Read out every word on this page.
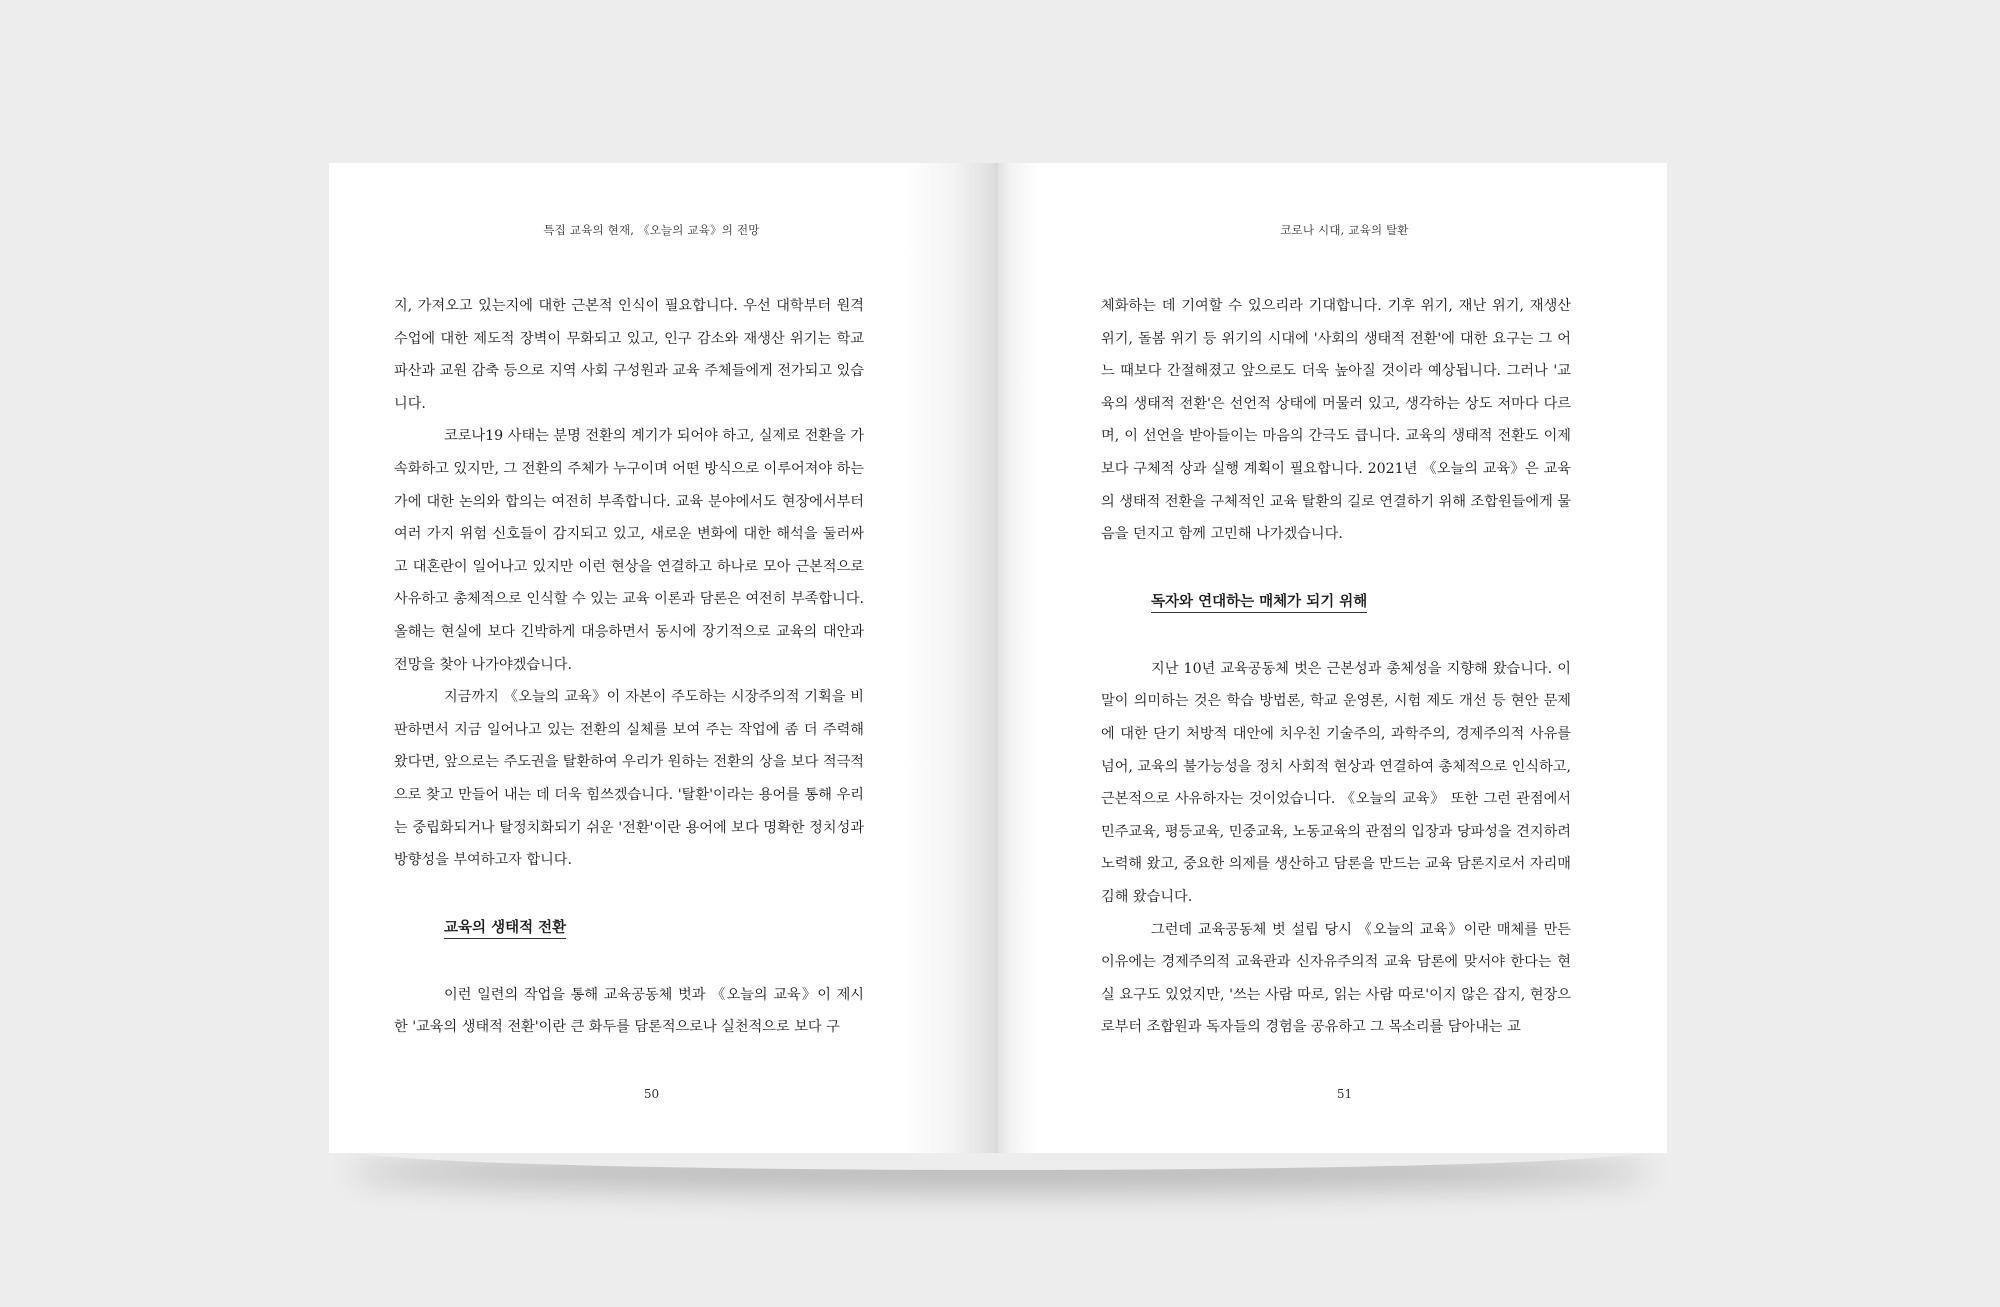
특집 교육의 현재, 《오늘의 교육》의 전망

지, 가져오고 있는지에 대한 근본적 인식이 필요합니다. 우선 대학부터 원격 수업에 대한 제도적 장벽이 무화되고 있고, 인구 감소와 재생산 위기는 학교 파산과 교원 감축 등으로 지역 사회 구성원과 교육 주체들에게 전가되고 있습니다.

코로나19 사태는 분명 전환의 계기가 되어야 하고, 실제로 전환을 가속화하고 있지만, 그 전환의 주체가 누구이며 어떤 방식으로 이루어져야 하는가에 대한 논의와 합의는 여전히 부족합니다. 교육 분야에서도 현장에서부터 여러 가지 위험 신호들이 감지되고 있고, 새로운 변화에 대한 해석을 둘러싸고 대혼란이 일어나고 있지만 이런 현상을 연결하고 하나로 모아 근본적으로 사유하고 총체적으로 인식할 수 있는 교육 이론과 담론은 여전히 부족합니다. 올해는 현실에 보다 긴박하게 대응하면서 동시에 장기적으로 교육의 대안과 전망을 찾아 나가야겠습니다.

지금까지 《오늘의 교육》이 자본이 주도하는 시장주의적 기획을 비판하면서 지금 일어나고 있는 전환의 실체를 보여 주는 작업에 좀 더 주력해 왔다면, 앞으로는 주도권을 탈환하여 우리가 원하는 전환의 상을 보다 적극적으로 찾고 만들어 내는 데 더욱 힘쓰겠습니다. '탈환'이라는 용어를 통해 우리는 중립화되거나 탈정치화되기 쉬운 '전환'이란 용어에 보다 명확한 정치성과 방향성을 부여하고자 합니다.

교육의 생태적 전환

이런 일련의 작업을 통해 교육공동체 벗과 《오늘의 교육》이 제시한 '교육의 생태적 전환'이란 큰 화두를 담론적으로나 실천적으로 보다 구

50
코로나 시대, 교육의 탈환

체화하는 데 기여할 수 있으리라 기대합니다. 기후 위기, 재난 위기, 재생산 위기, 돌봄 위기 등 위기의 시대에 '사회의 생태적 전환'에 대한 요구는 그 어느 때보다 간절해졌고 앞으로도 더욱 높아질 것이라 예상됩니다. 그러나 '교육의 생태적 전환'은 선언적 상태에 머물러 있고, 생각하는 상도 저마다 다르며, 이 선언을 받아들이는 마음의 간극도 큽니다. 교육의 생태적 전환도 이제 보다 구체적 상과 실행 계획이 필요합니다. 2021년 《오늘의 교육》은 교육의 생태적 전환을 구체적인 교육 탈환의 길로 연결하기 위해 조합원들에게 물음을 던지고 함께 고민해 나가겠습니다.

독자와 연대하는 매체가 되기 위해

지난 10년 교육공동체 벗은 근본성과 총체성을 지향해 왔습니다. 이 말이 의미하는 것은 학습 방법론, 학교 운영론, 시험 제도 개선 등 현안 문제에 대한 단기 처방적 대안에 치우친 기술주의, 과학주의, 경제주의적 사유를 넘어, 교육의 불가능성을 정치 사회적 현상과 연결하여 총체적으로 인식하고, 근본적으로 사유하자는 것이었습니다. 《오늘의 교육》 또한 그런 관점에서 민주교육, 평등교육, 민중교육, 노동교육의 관점의 입장과 당파성을 견지하려 노력해 왔고, 중요한 의제를 생산하고 담론을 만드는 교육 담론지로서 자리매김해 왔습니다.

그런데 교육공동체 벗 설립 당시 《오늘의 교육》이란 매체를 만든 이유에는 경제주의적 교육관과 신자유주의적 교육 담론에 맞서야 한다는 현실 요구도 있었지만, '쓰는 사람 따로, 읽는 사람 따로'이지 않은 잡지, 현장으로부터 조합원과 독자들의 경험을 공유하고 그 목소리를 담아내는 교

51
